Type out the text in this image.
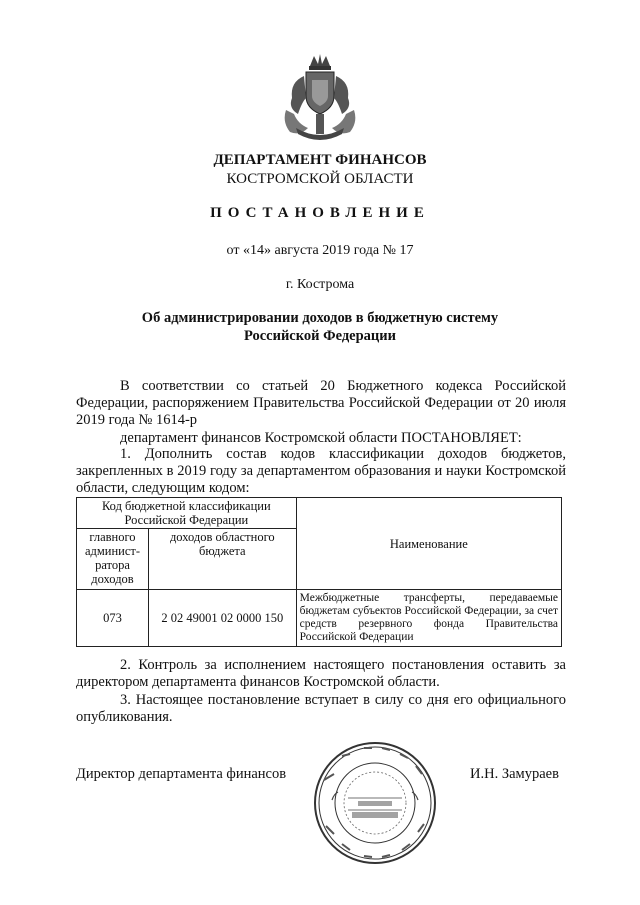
ДЕПАРТАМЕНТ ФИНАНСОВ
КОСТРОМСКОЙ ОБЛАСТИ
ПОСТАНОВЛЕНИЕ
от «14» августа 2019 года № 17
г. Кострома
Об администрировании доходов в бюджетную систему
Российской Федерации
В соответствии со статьей 20 Бюджетного кодекса Российской Федерации, распоряжением Правительства Российской Федерации от 20 июля 2019 года № 1614-р
департамент финансов Костромской области ПОСТАНОВЛЯЕТ:
1. Дополнить состав кодов классификации доходов бюджетов, закрепленных в 2019 году за департаментом образования и науки Костромской области, следующим кодом:
Код бюджетной классификации Российской Федерации		Наименование
главного админист-ратора доходов	доходов областного бюджета	
073	2 02 49001 02 0000 150	Межбюджетные трансферты, передаваемые бюджетам субъектов Российской Федерации, за счет средств резервного фонда Правительства Российской Федерации
2. Контроль за исполнением настоящего постановления оставить за директором департамента финансов Костромской области.
3. Настоящее постановление вступает в силу со дня его официального опубликования.
Директор департамента финансов	И.Н. Замураев
